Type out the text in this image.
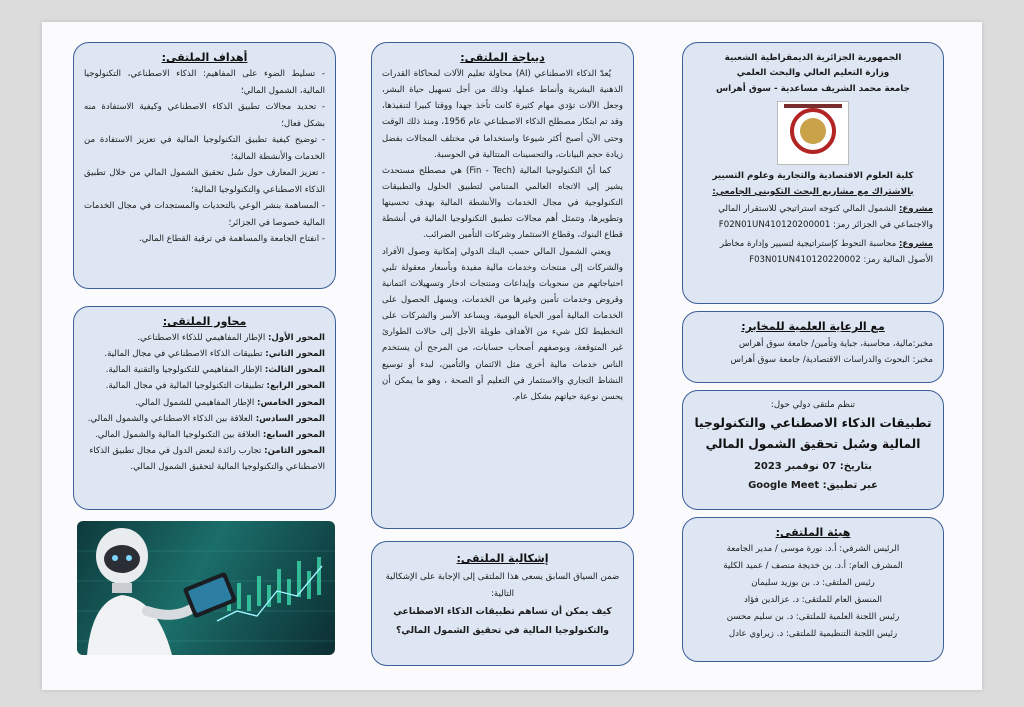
الجمهورية الجزائرية الديمقراطية الشعبية

وزارة التعليم العالي والبحث العلمي

جامعة محمد الشريف مساعدية - سوق أهراس

كلية العلوم الاقتصادية والتجارية وعلوم التسيير

بالاشتراك مع مشاريع البحث التكويني الجامعي:

مشروع: الشمول المالي كتوجه استراتيجي للاستقرار المالي والاجتماعي في الجزائر رمز: F02N01UN410120200001

مشروع: محاسبة التحوط كإستراتيجية لتسيير وإدارة مخاطر الأصول المالية رمز: F03N01UN410120220002

مع الرعاية العلمية للمخابر:

مخبر:مالية، محاسبة، جباية وتأمين/ جامعة سوق أهراس

مخبر: البحوث والدراسات الاقتصادية/ جامعة سوق أهراس

تنظم ملتقى دولي حول:

تطبيقات الذكاء الاصطناعي والتكنولوجيا

المالية وسُبل تحقيق الشمول المالي

بتاريخ: 07 نوفمبر 2023

عبر تطبيق: Google Meet

هيئة الملتقى:

الرئيس الشرفي: أ.د. نورة موسى / مدير الجامعة

المشرف العام: أ.د. بن خديجة منصف / عميد الكلية

رئيس الملتقى: د. بن بوزيد سليمان

المنسق العام للملتقى: د. عزالدين فؤاد

رئيس اللجنة العلمية للملتقى: د. بن سليم محسن

رئيس اللجنة التنظيمية للملتقى: د. زيراوي عادل

ديباجة الملتقى:

يُعدّ الذكاء الاصطناعي (AI) محاولة تعليم الآلات لمحاكاة القدرات الذهنية البشرية وأنماط عملها، وذلك من أجل تسهيل حياة البشر، وجعل الآلات تؤدي مهام كثيرة كانت تأخذ جهدا ووقتا كبيرا لتنفيذها، وقد تم ابتكار مصطلح الذكاء الاصطناعي عام 1956، ومنذ ذلك الوقت وحتى الآن أصبح أكثر شيوعا واستخداما في مختلف المجالات بفضل زيادة حجم البيانات، والتحسينات المتتالية في الحوسبة.

كما أنّ التكنولوجيا المالية (Fin - Tech) هي مصطلح مستحدث يشير إلى الاتجاه العالمي المتنامي لتطبيق الحلول والتطبيقات التكنولوجية في مجال الخدمات والأنشطة المالية بهدف تحسينها وتطويرها، وتتمثل أهم مجالات تطبيق التكنولوجيا المالية في أنشطة قطاع البنوك، وقطاع الاستثمار وشركات التأمين الضرائب.

ويعني الشمول المالي حسب البنك الدولي إمكانية وصول الأفراد والشركات إلى منتجات وخدمات مالية مفيدة وبأسعار معقولة تلبي احتياجاتهم من سحوبات وإيداعات ومنتجات ادخار وتسهيلات ائتمانية وقروض وخدمات تأمين وغيرها من الخدمات، ويسهل الحصول على الخدمات المالية أمور الحياة اليومية، ويساعد الأسر والشركات على التخطيط لكل شيء من الأهداف طويلة الأجل إلى حالات الطوارئ غير المتوقعة، وبوصفهم أصحاب حسابات، من المرجح أن يستخدم الناس خدمات مالية أخرى مثل الائتمان والتأمين، لبدء أو توسيع النشاط التجاري والاستثمار في التعليم أو الصحة ، وهو ما يمكن أن يحسن نوعية حياتهم بشكل عام.

إشكالية الملتقى:

ضمن السياق السابق يسعى هذا الملتقى إلى الإجابة على الإشكالية التالية:

كيف يمكن أن تساهم تطبيقات الذكاء الاصطناعي والتكنولوجيا المالية في تحقيق الشمول المالي؟

أهداف الملتقى:

- تسليط الضوء على المفاهيم: الذكاء الاصطناعي، التكنولوجيا المالية، الشمول المالي؛

- تحديد مجالات تطبيق الذكاء الاصطناعي وكيفية الاستفادة منه بشكل فعال؛

- توضيح كيفية تطبيق التكنولوجيا المالية في تعزيز الاستفادة من الخدمات والأنشطة المالية؛

- تعزيز المعارف حول سُبل تحقيق الشمول المالي من خلال تطبيق الذكاء الاصطناعي والتكنولوجيا المالية؛

- المساهمة بنشر الوعي بالتحديات والمستجدات في مجال الخدمات المالية خصوصا في الجزائر؛

- انفتاح الجامعة والمساهمة في ترقية القطاع المالي.

محاور الملتقى:

المحور الأول: الإطار المفاهيمي للذكاء الاصطناعي.

المحور الثاني: تطبيقات الذكاء الاصطناعي في مجال المالية.

المحور الثالث: الإطار المفاهيمي للتكنولوجيا والتقنية المالية.

المحور الرابع: تطبيقات التكنولوجيا المالية في مجال المالية.

المحور الخامس: الإطار المفاهيمي للشمول المالي.

المحور السادس: العلاقة بين الذكاء الاصطناعي والشمول المالي.

المحور السابع: العلاقة بين التكنولوجيا المالية والشمول المالي.

المحور الثامن: تجارب رائدة لبعض الدول في مجال تطبيق الذكاء الاصطناعي والتكنولوجيا المالية لتحقيق الشمول المالي.
